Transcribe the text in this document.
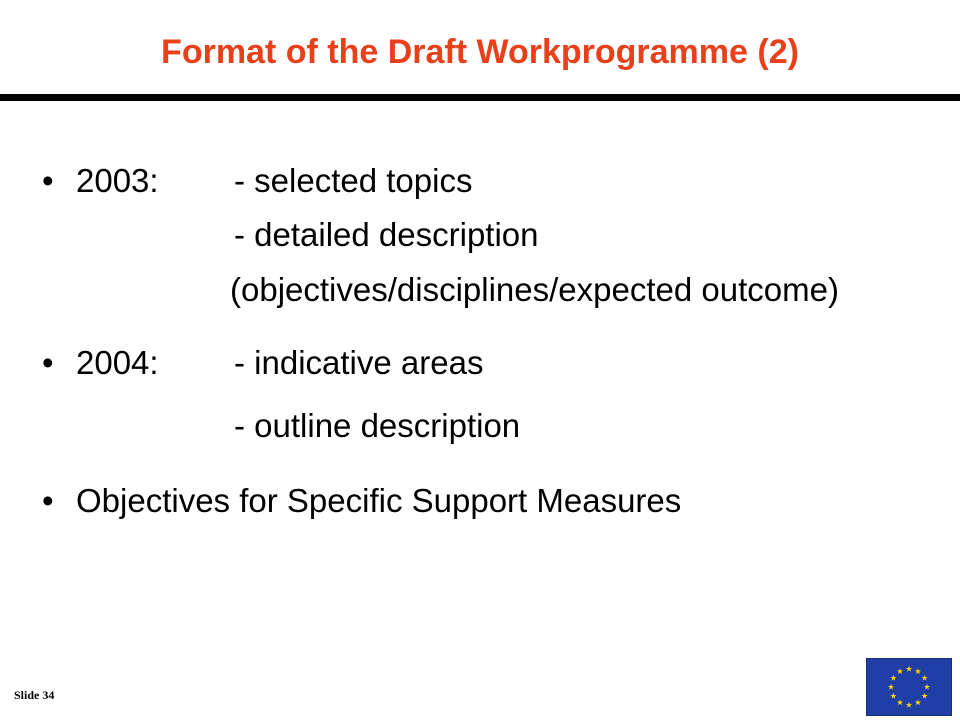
Format of the Draft Workprogramme (2)
• 2003: - selected topics
- detailed description
(objectives/disciplines/expected outcome)
• 2004: - indicative areas
- outline description
• Objectives for Specific Support Measures
Slide 34
